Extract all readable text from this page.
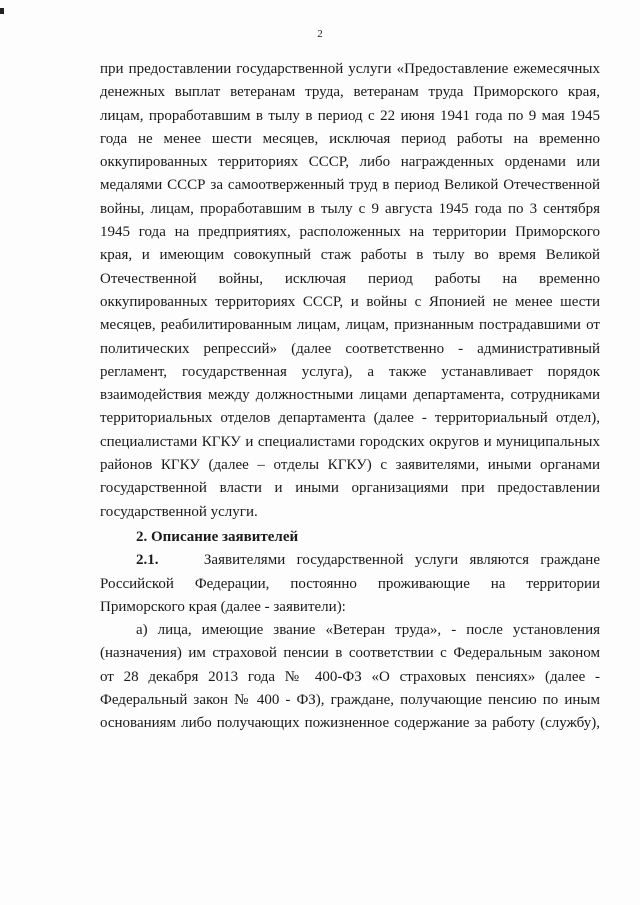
2
при предоставлении государственной услуги «Предоставление ежемесячных
денежных выплат ветеранам труда, ветеранам труда Приморского края,
лицам, проработавшим в тылу в период с 22 июня 1941 года по 9 мая 1945
года не менее шести месяцев, исключая период работы на временно
оккупированных территориях СССР, либо награжденных орденами или
медалями СССР за самоотверженный труд в период Великой Отечественной
войны, лицам, проработавшим в тылу с 9 августа 1945 года по 3 сентября
1945 года на предприятиях, расположенных на территории Приморского
края, и имеющим совокупный стаж работы в тылу во время Великой
Отечественной войны, исключая период работы на временно
оккупированных территориях СССР, и войны с Японией не менее шести
месяцев, реабилитированным лицам, лицам, признанным пострадавшими от
политических репрессий» (далее соответственно - административный
регламент, государственная услуга), а также устанавливает порядок
взаимодействия между должностными лицами департамента, сотрудниками
территориальных отделов департамента (далее - территориальный отдел),
специалистами КГКУ и специалистами городских округов и муниципальных
районов КГКУ (далее – отделы КГКУ) с заявителями, иными органами
государственной власти и иными организациями при предоставлении
государственной услуги.
2. Описание заявителей
2.1.	Заявителями государственной услуги являются граждане
Российской Федерации, постоянно проживающие на территории
Приморского края (далее - заявители):
а) лица, имеющие звание «Ветеран труда», - после установления
(назначения) им страховой пенсии в соответствии с Федеральным законом
от 28 декабря 2013 года № 400-ФЗ «О страховых пенсиях» (далее -
Федеральный закон № 400 - ФЗ), граждане, получающие пенсию по иным
основаниям либо получающих пожизненное содержание за работу (службу),
